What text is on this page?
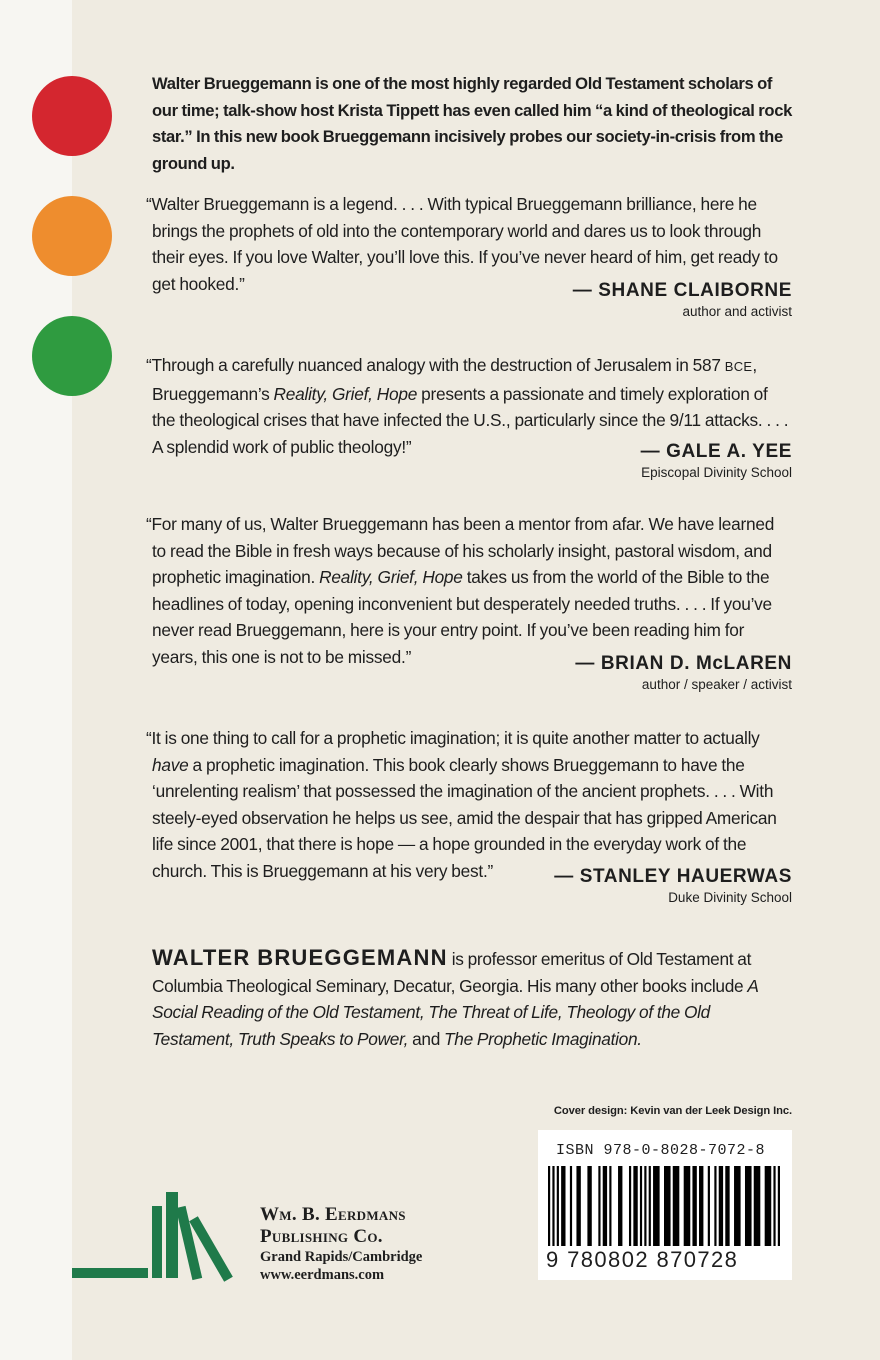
Walter Brueggemann is one of the most highly regarded Old Testament scholars of our time; talk-show host Krista Tippett has even called him “a kind of theological rock star.” In this new book Brueggemann incisively probes our society-in-crisis from the ground up.
“Walter Brueggemann is a legend. . . . With typical Brueggemann brilliance, here he brings the prophets of old into the contemporary world and dares us to look through their eyes. If you love Walter, you’ll love this. If you’ve never heard of him, get ready to get hooked.”	— SHANE CLAIBORNE
author and activist
“Through a carefully nuanced analogy with the destruction of Jerusalem in 587 BCE, Brueggemann’s Reality, Grief, Hope presents a passionate and timely exploration of the theological crises that have infected the U.S., particularly since the 9/11 attacks. . . . A splendid work of public theology!”	— GALE A. YEE
Episcopal Divinity School
“For many of us, Walter Brueggemann has been a mentor from afar. We have learned to read the Bible in fresh ways because of his scholarly insight, pastoral wisdom, and prophetic imagination. Reality, Grief, Hope takes us from the world of the Bible to the headlines of today, opening inconvenient but desperately needed truths. . . . If you’ve never read Brueggemann, here is your entry point. If you’ve been reading him for years, this one is not to be missed.”	— BRIAN D. McLAREN
author / speaker / activist
“It is one thing to call for a prophetic imagination; it is quite another matter to actually have a prophetic imagination. This book clearly shows Brueggemann to have the ‘unrelenting realism’ that possessed the imagination of the ancient prophets. . . . With steely-eyed observation he helps us see, amid the despair that has gripped American life since 2001, that there is hope — a hope grounded in the everyday work of the church. This is Brueggemann at his very best.”	— STANLEY HAUERWAS
Duke Divinity School
WALTER BRUEGGEMANN is professor emeritus of Old Testament at Columbia Theological Seminary, Decatur, Georgia. His many other books include A Social Reading of the Old Testament, The Threat of Life, Theology of the Old Testament, Truth Speaks to Power, and The Prophetic Imagination.
Cover design: Kevin van der Leek Design Inc.
ISBN 978-0-8028-7072-8
9 780802 870728
Wm. B. Eerdmans
Publishing Co.
Grand Rapids/Cambridge
www.eerdmans.com
